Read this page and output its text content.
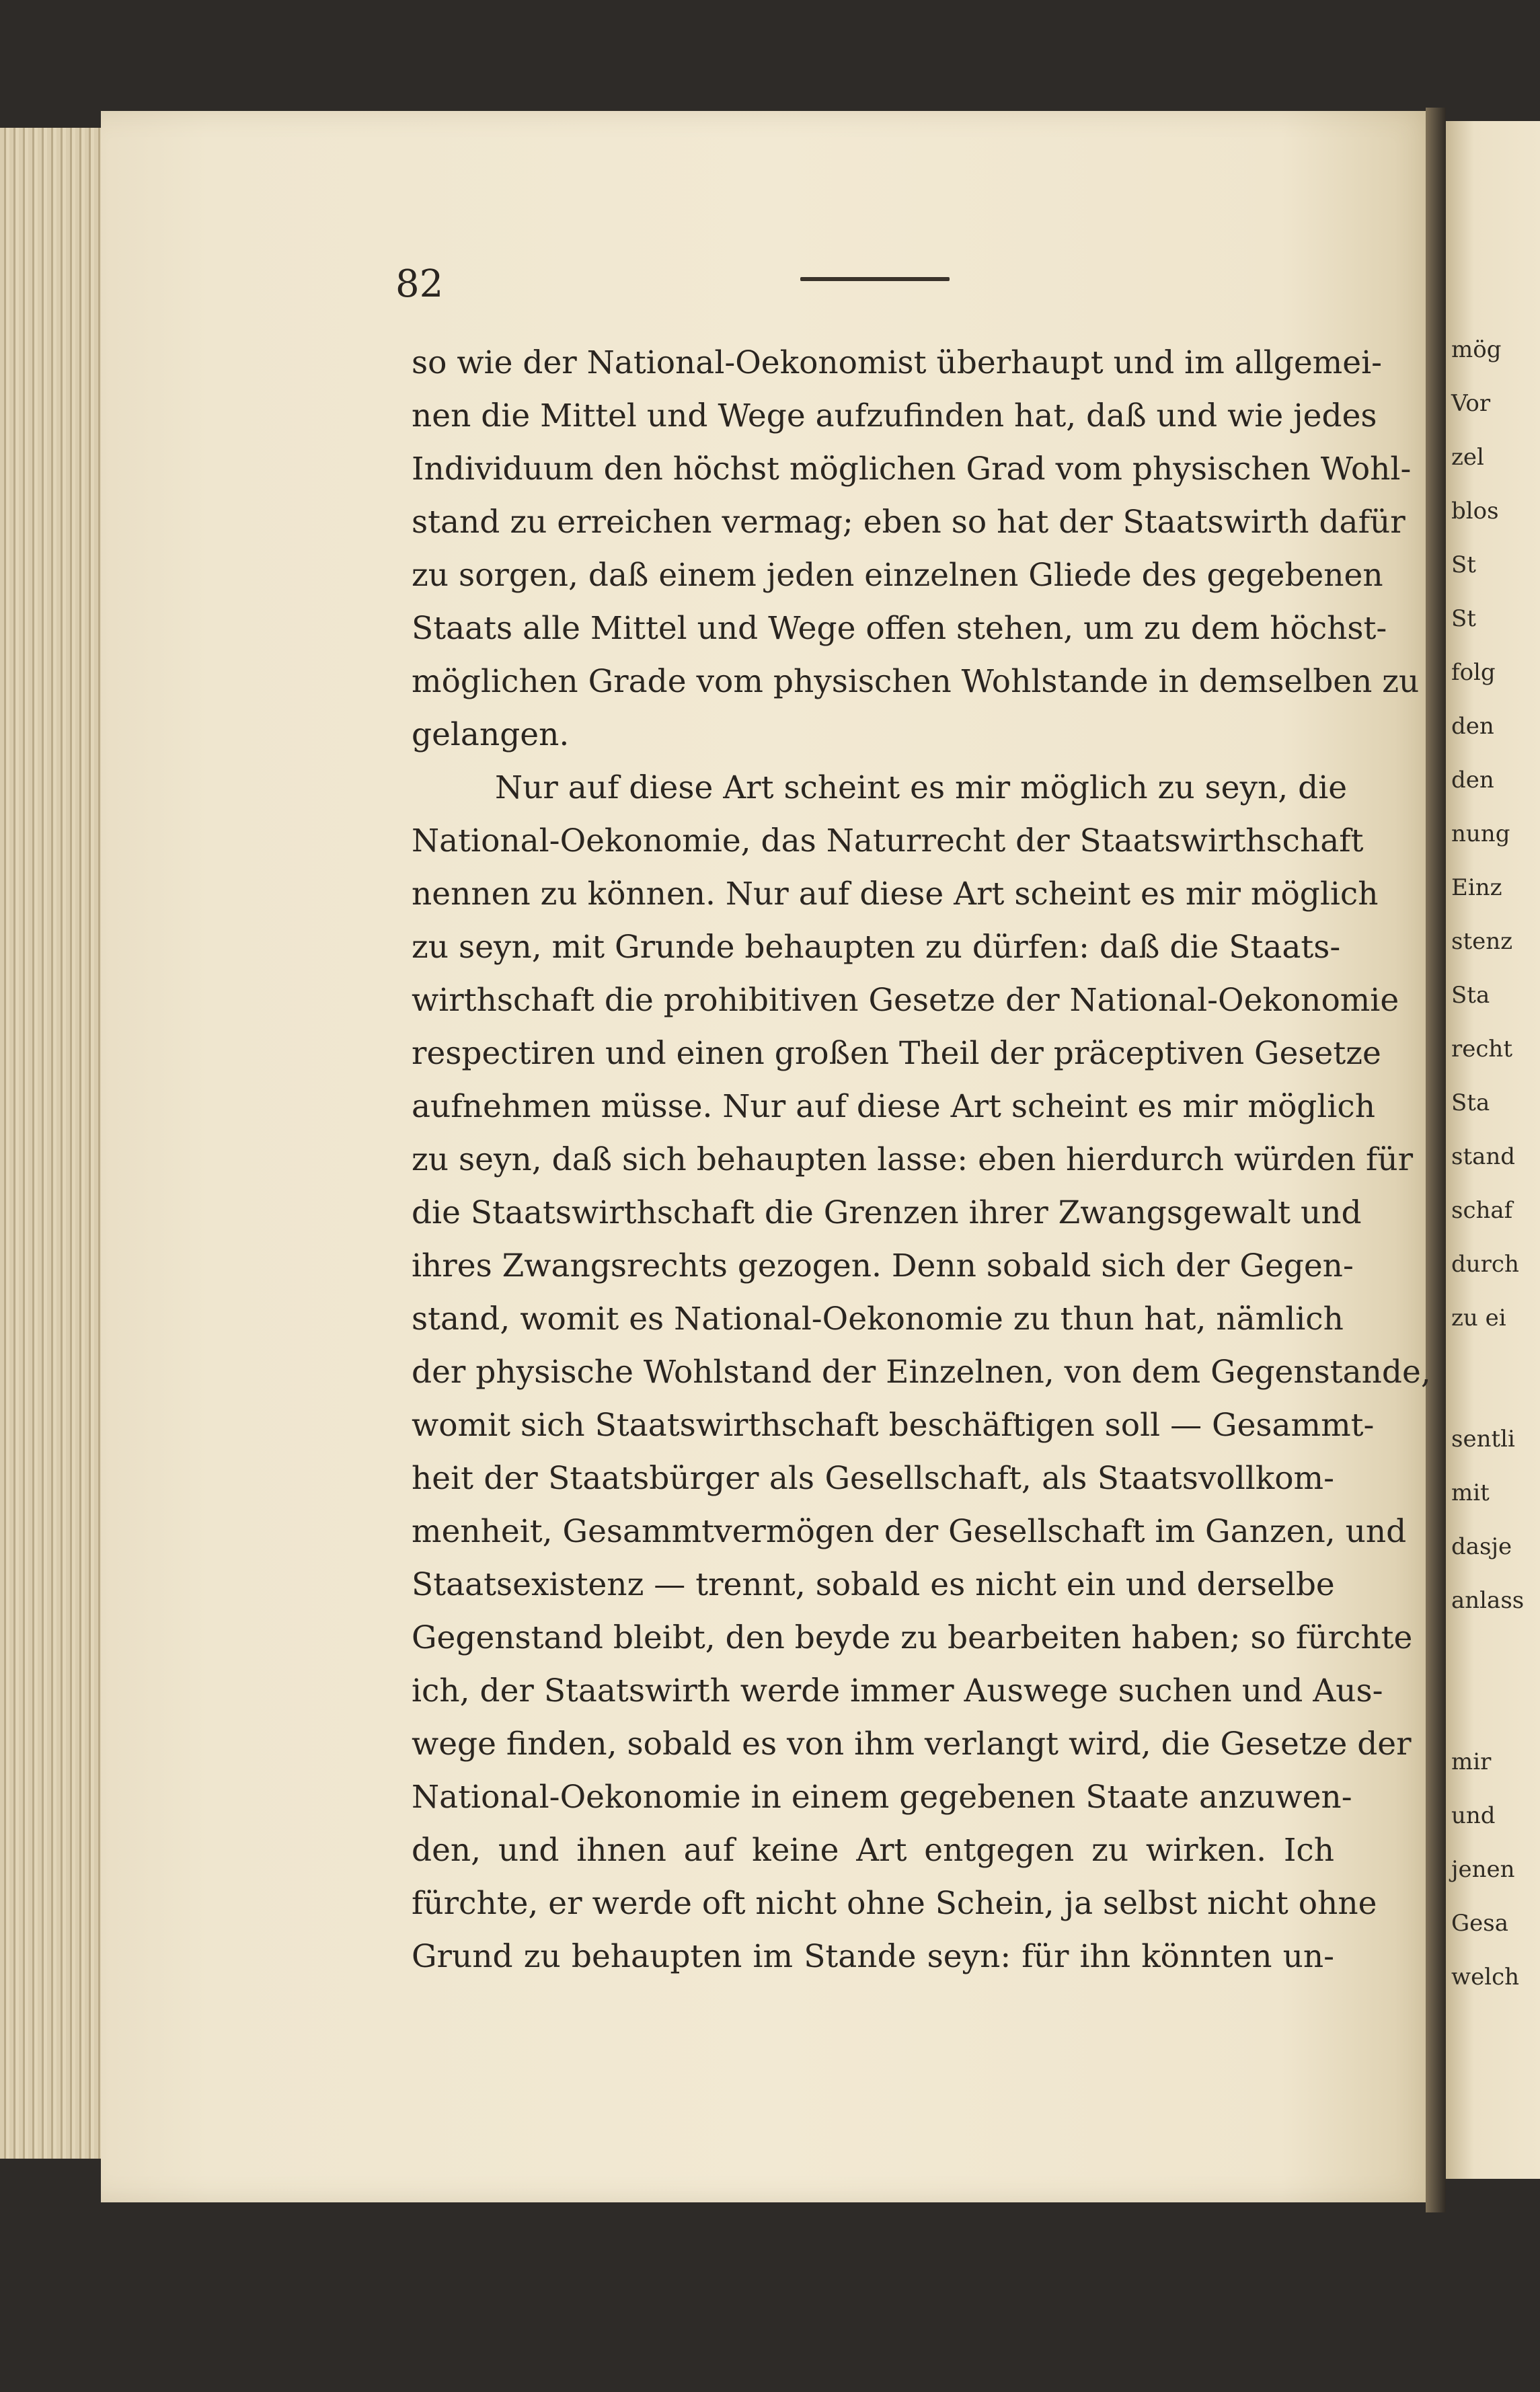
mög
Vor
zel
blos
St
St
folg
den
den
nung
Einz
stenz
Sta
recht
Sta
stand
schaf
durch
zu ei
sentli
mit
dasje
anlass
mir
und
jenen
Gesa
welch
82
so wie der National-Oekonomist überhaupt und im allgemei-
nen die Mittel und Wege aufzufinden hat, daß und wie jedes
Individuum den höchst möglichen Grad vom physischen Wohl-
stand zu erreichen vermag; eben so hat der Staatswirth dafür
zu sorgen, daß einem jeden einzelnen Gliede des gegebenen
Staats alle Mittel und Wege offen stehen, um zu dem höchst-
möglichen Grade vom physischen Wohlstande in demselben zu
gelangen.
Nur auf diese Art scheint es mir möglich zu seyn, die
National-Oekonomie, das Naturrecht der Staatswirthschaft
nennen zu können. Nur auf diese Art scheint es mir möglich
zu seyn, mit Grunde behaupten zu dürfen: daß die Staats-
wirthschaft die prohibitiven Gesetze der National-Oekonomie
respectiren und einen großen Theil der präceptiven Gesetze
aufnehmen müsse. Nur auf diese Art scheint es mir möglich
zu seyn, daß sich behaupten lasse: eben hierdurch würden für
die Staatswirthschaft die Grenzen ihrer Zwangsgewalt und
ihres Zwangsrechts gezogen. Denn sobald sich der Gegen-
stand, womit es National-Oekonomie zu thun hat, nämlich
der physische Wohlstand der Einzelnen, von dem Gegenstande,
womit sich Staatswirthschaft beschäftigen soll — Gesammt-
heit der Staatsbürger als Gesellschaft, als Staatsvollkom-
menheit, Gesammtvermögen der Gesellschaft im Ganzen, und
Staatsexistenz — trennt, sobald es nicht ein und derselbe
Gegenstand bleibt, den beyde zu bearbeiten haben; so fürchte
ich, der Staatswirth werde immer Auswege suchen und Aus-
wege finden, sobald es von ihm verlangt wird, die Gesetze der
National-Oekonomie in einem gegebenen Staate anzuwen-
den, und ihnen auf keine Art entgegen zu wirken. Ich
fürchte, er werde oft nicht ohne Schein, ja selbst nicht ohne
Grund zu behaupten im Stande seyn: für ihn könnten un-
